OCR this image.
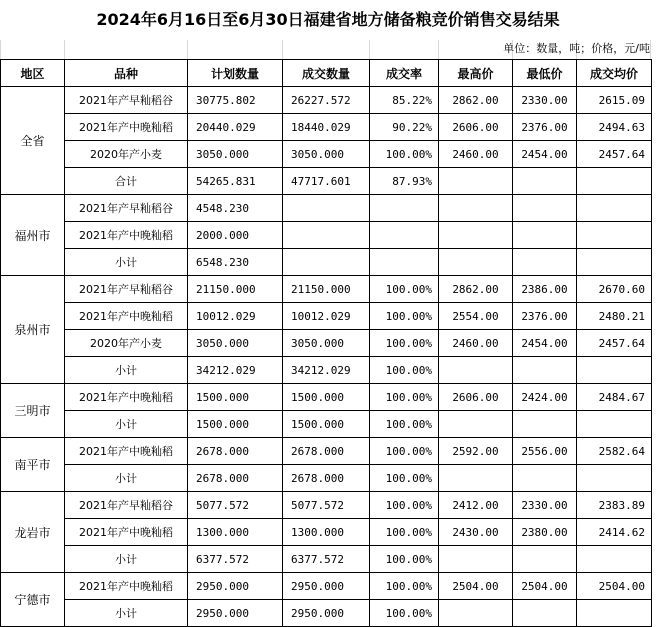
2024年6月16日至6月30日福建省地方储备粮竞价销售交易结果
单位：数量，吨；价格，元/吨
地区	品种	计划数量	成交数量	成交率	最高价	最低价	成交均价
全省	2021年产早籼稻谷	30775.802	26227.572	85.22%	2862.00	2330.00	2615.09
	2021年产中晚籼稻	20440.029	18440.029	90.22%	2606.00	2376.00	2494.63
	2020年产小麦	3050.000	3050.000	100.00%	2460.00	2454.00	2457.64
	合计	54265.831	47717.601	87.93%			
福州市	2021年产早籼稻谷	4548.230					
	2021年产中晚籼稻	2000.000					
	小计	6548.230					
泉州市	2021年产早籼稻谷	21150.000	21150.000	100.00%	2862.00	2386.00	2670.60
	2021年产中晚籼稻	10012.029	10012.029	100.00%	2554.00	2376.00	2480.21
	2020年产小麦	3050.000	3050.000	100.00%	2460.00	2454.00	2457.64
	小计	34212.029	34212.029	100.00%			
三明市	2021年产中晚籼稻	1500.000	1500.000	100.00%	2606.00	2424.00	2484.67
	小计	1500.000	1500.000	100.00%			
南平市	2021年产中晚籼稻	2678.000	2678.000	100.00%	2592.00	2556.00	2582.64
	小计	2678.000	2678.000	100.00%			
龙岩市	2021年产早籼稻谷	5077.572	5077.572	100.00%	2412.00	2330.00	2383.89
	2021年产中晚籼稻	1300.000	1300.000	100.00%	2430.00	2380.00	2414.62
	小计	6377.572	6377.572	100.00%			
宁德市	2021年产中晚籼稻	2950.000	2950.000	100.00%	2504.00	2504.00	2504.00
	小计	2950.000	2950.000	100.00%			
